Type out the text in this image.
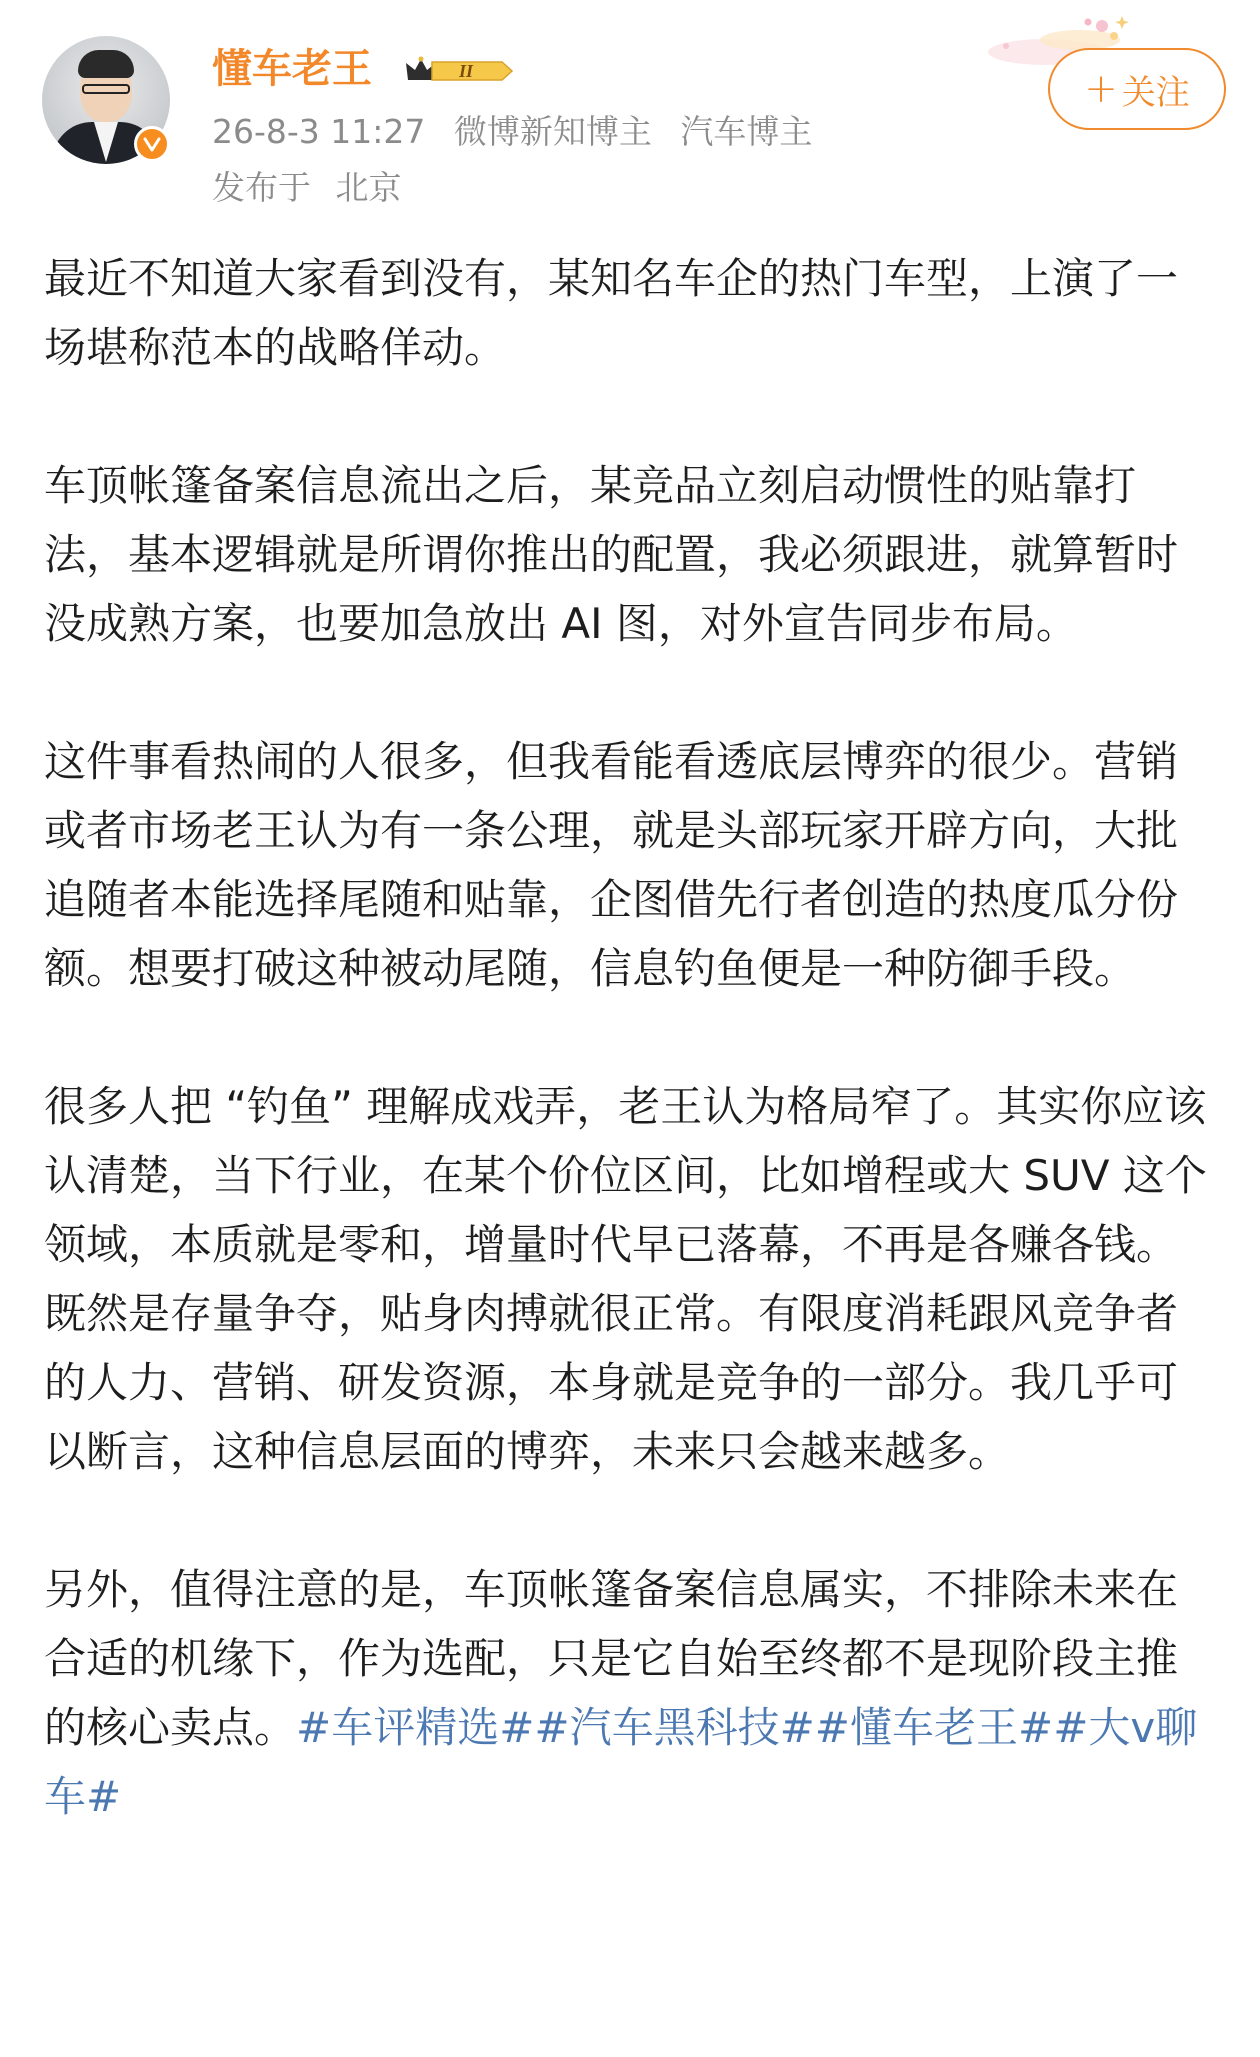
懂车老王	II
26-8-3 11:27 微博新知博主 汽车博主
发布于 北京
+ 关注

最近不知道大家看到没有，某知名车企的热门车型，上演了一场堪称范本的战略佯动。

车顶帐篷备案信息流出之后，某竞品立刻启动惯性的贴靠打法，基本逻辑就是所谓你推出的配置，我必须跟进，就算暂时没成熟方案，也要加急放出 AI 图，对外宣告同步布局。

这件事看热闹的人很多，但我看能看透底层博弈的很少。营销或者市场老王认为有一条公理，就是头部玩家开辟方向，大批追随者本能选择尾随和贴靠，企图借先行者创造的热度瓜分份额。想要打破这种被动尾随，信息钓鱼便是一种防御手段。

很多人把 “钓鱼” 理解成戏弄，老王认为格局窄了。其实你应该认清楚，当下行业，在某个价位区间，比如增程或大 SUV 这个领域，本质就是零和，增量时代早已落幕，不再是各赚各钱。既然是存量争夺，贴身肉搏就很正常。有限度消耗跟风竞争者的人力、营销、研发资源，本身就是竞争的一部分。我几乎可以断言，这种信息层面的博弈，未来只会越来越多。

另外，值得注意的是，车顶帐篷备案信息属实，不排除未来在合适的机缘下，作为选配，只是它自始至终都不是现阶段主推的核心卖点。#车评精选##汽车黑科技##懂车老王##大v聊车#
